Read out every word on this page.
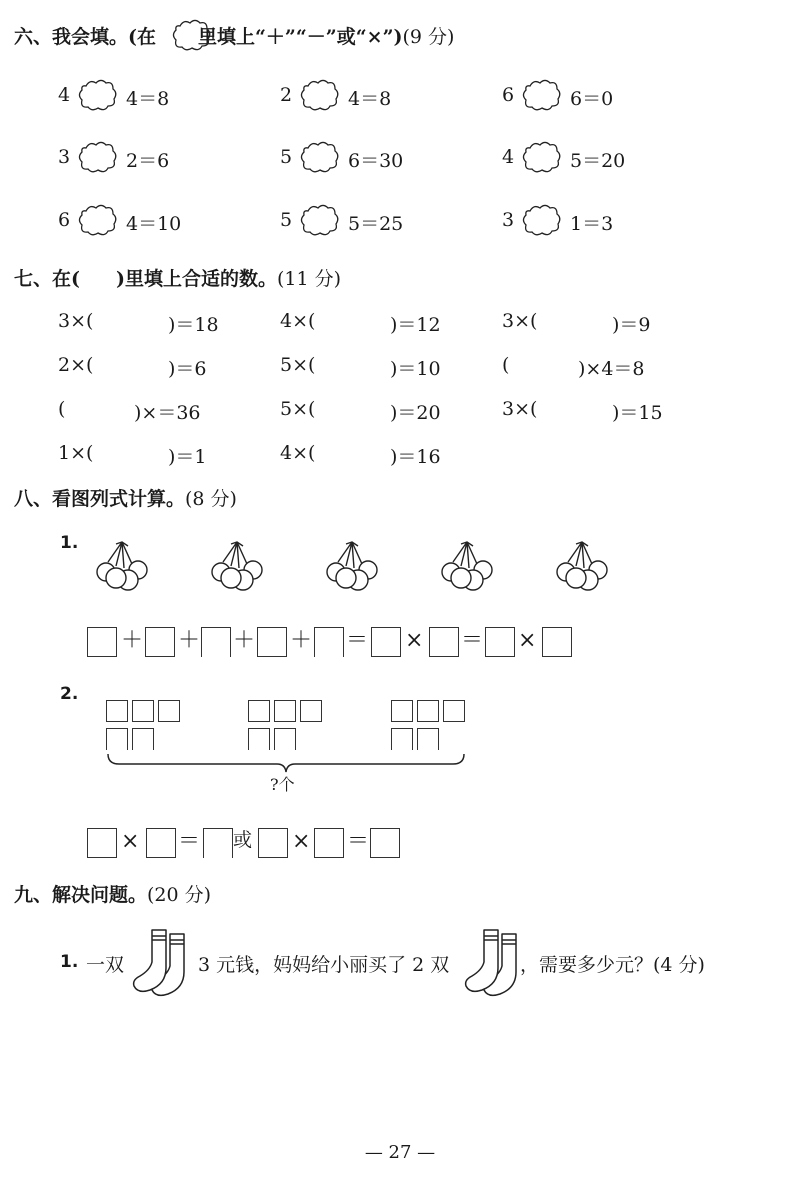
六、我会填。(在 里填上“＋”“－”或“×”)(9 分)
4	4＝8	2	4＝8	6	6＝0
3	2＝6	5	6＝30	4	5＝20
6	4＝10	5	5＝25	3	1＝3
七、在( )里填上合适的数。(11 分)
3×(	)＝18	4×(	)＝12	3×(	)＝9
2×(	)＝6	5×(	)＝10	(	)×4＝8
(	)×＝36	5×(	)＝20	3×(	)＝15
1×(	)＝1	4×(	)＝16
八、看图列式计算。(8 分)
1.
＋ ＋ ＋ ＋ ＝ × ＝ ×
2.
?个
× ＝ 或 × ＝
九、解决问题。(20 分)
1. 一双	3 元钱，妈妈给小丽买了 2 双	，需要多少元？(4 分)
— 27 —
